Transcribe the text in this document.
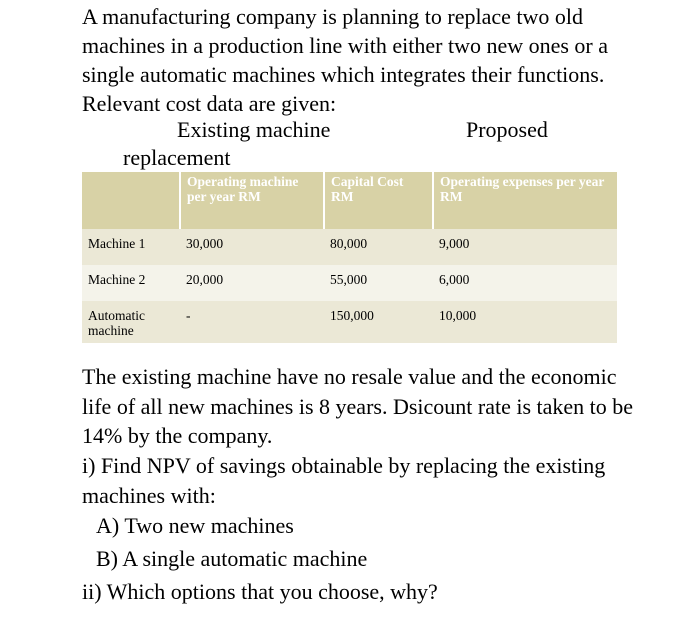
A manufacturing company is planning to replace two old machines in a production line with either two new ones or a single automatic machines which integrates their functions. Relevant cost data are given:

Existing machine	Proposed
replacement
	Operating machine per year RM	Capital Cost RM	Operating expenses per year RM
Machine 1	30,000	80,000	9,000
Machine 2	20,000	55,000	6,000
Automatic machine	-	150,000	10,000

The existing machine have no resale value and the economic life of all new machines is 8 years. Dsicount rate is taken to be 14% by the company.

i) Find NPV of savings obtainable by replacing the existing machines with:
A) Two new machines
B) A single automatic machine
ii) Which options that you choose, why?
